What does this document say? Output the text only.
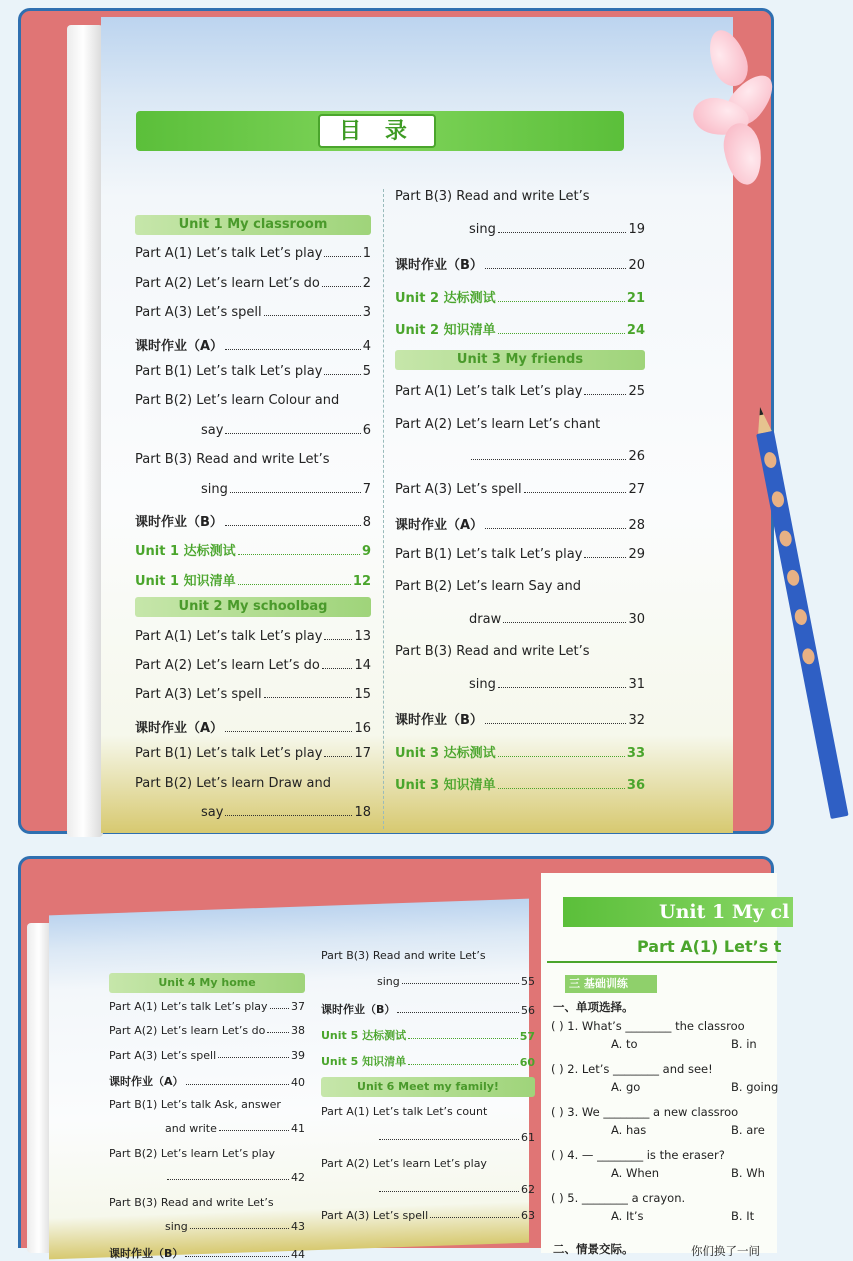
目 录
Unit 1 My classroom
Part A(1) Let’s talk Let’s play	1
Part A(2) Let’s learn Let’s do	2
Part A(3) Let’s spell	3
课时作业（A）	4
Part B(1) Let’s talk Let’s play	5
Part B(2) Let’s learn Colour and
say	6
Part B(3) Read and write Let’s
sing	7
课时作业（B）	8
Unit 1 达标测试	9
Unit 1 知识清单	12
Unit 2 My schoolbag
Part A(1) Let’s talk Let’s play 13
Part A(2) Let’s learn Let’s do	14
Part A(3) Let’s spell	15
课时作业（A）	16
Part B(1) Let’s talk Let’s play 17
Part B(2) Let’s learn Draw and
say	18
Part B(3) Read and write Let’s
sing	19
课时作业（B）	20
Unit 2 达标测试	21
Unit 2 知识清单	24
Unit 3 My friends
Part A(1) Let’s talk Let’s play	25
Part A(2) Let’s learn Let’s chant
26
Part A(3) Let’s spell	27
课时作业（A）	28
Part B(1) Let’s talk Let’s play	29
Part B(2) Let’s learn Say and
draw	30
Part B(3) Read and write Let’s
sing	31
课时作业（B）	32
Unit 3 达标测试	33
Unit 3 知识清单	36
Unit 4 My home
Part A(1) Let’s talk Let’s play 37
Part A(2) Let’s learn Let’s do 38
Part A(3) Let’s spell	39
课时作业（A）	40
Part B(1) Let’s talk Ask, answer
and write	41
Part B(2) Let’s learn Let’s play
42
Part B(3) Read and write Let’s
sing	43
课时作业（B）	44
Part B(3) Read and write Let’s
sing	55
课时作业（B）	56
Unit 5 达标测试	57
Unit 5 知识清单	60
Unit 6 Meet my family!
Part A(1) Let’s talk Let’s count
61
Part A(2) Let’s learn Let’s play
62
Part A(3) Let’s spell	63
Unit 1 My cl
Part A(1) Let’s t
三 基础训练
一、单项选择。
( ) 1. What’s ________ the classroo
A. to	B. in
( ) 2. Let’s ________ and see!
A. go	B. going
( ) 3. We ________ a new classroo
A. has	B. are
( ) 4. — ________ is the eraser?
A. When	B. Wh
( ) 5. ________ a crayon.
A. It’s	B. It
二、情景交际。	你们换了一间
